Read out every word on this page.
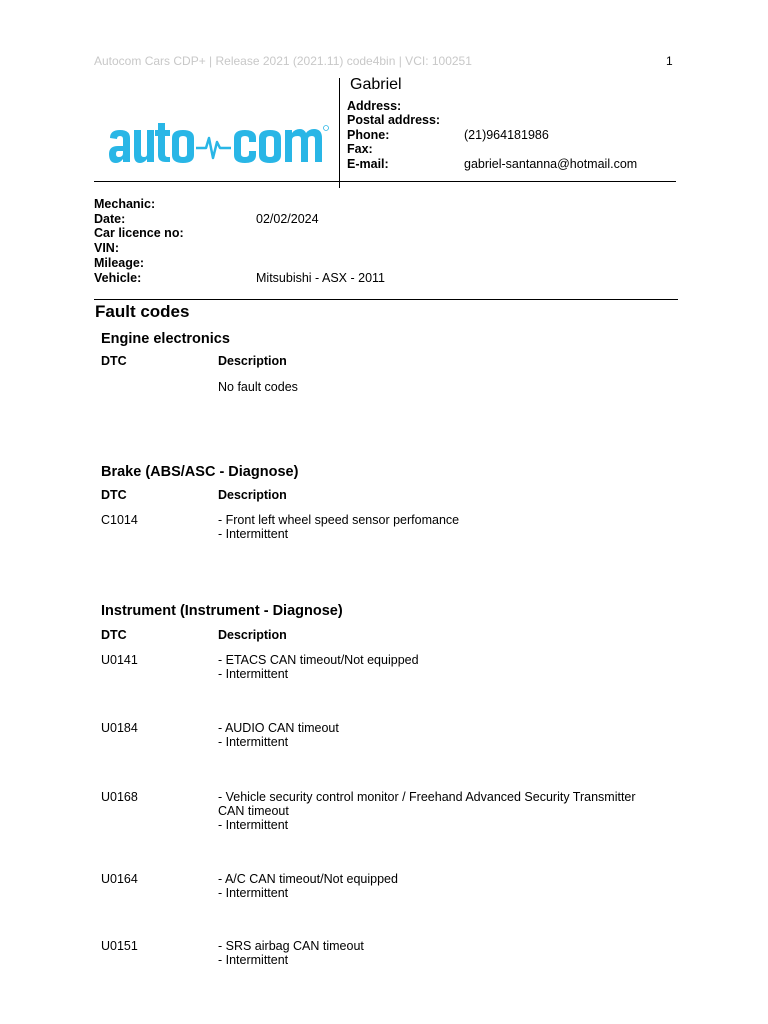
Autocom Cars CDP+ | Release 2021 (2021.11) code4bin | VCI: 100251	1
Gabriel
Address:
Postal address:
Phone:	(21)964181986
Fax:
E-mail:	gabriel-santanna@hotmail.com
Mechanic:
Date:	02/02/2024
Car licence no:
VIN:
Mileage:
Vehicle:	Mitsubishi - ASX - 2011
Fault codes
Engine electronics
DTC	Description
No fault codes
Brake (ABS/ASC - Diagnose)
DTC	Description
C1014	- Front left wheel speed sensor perfomance
- Intermittent
Instrument (Instrument - Diagnose)
DTC	Description
U0141	- ETACS CAN timeout/Not equipped
- Intermittent
U0184	- AUDIO CAN timeout
- Intermittent
U0168	- Vehicle security control monitor / Freehand Advanced Security Transmitter
CAN timeout
- Intermittent
U0164	- A/C CAN timeout/Not equipped
- Intermittent
U0151	- SRS airbag CAN timeout
- Intermittent
